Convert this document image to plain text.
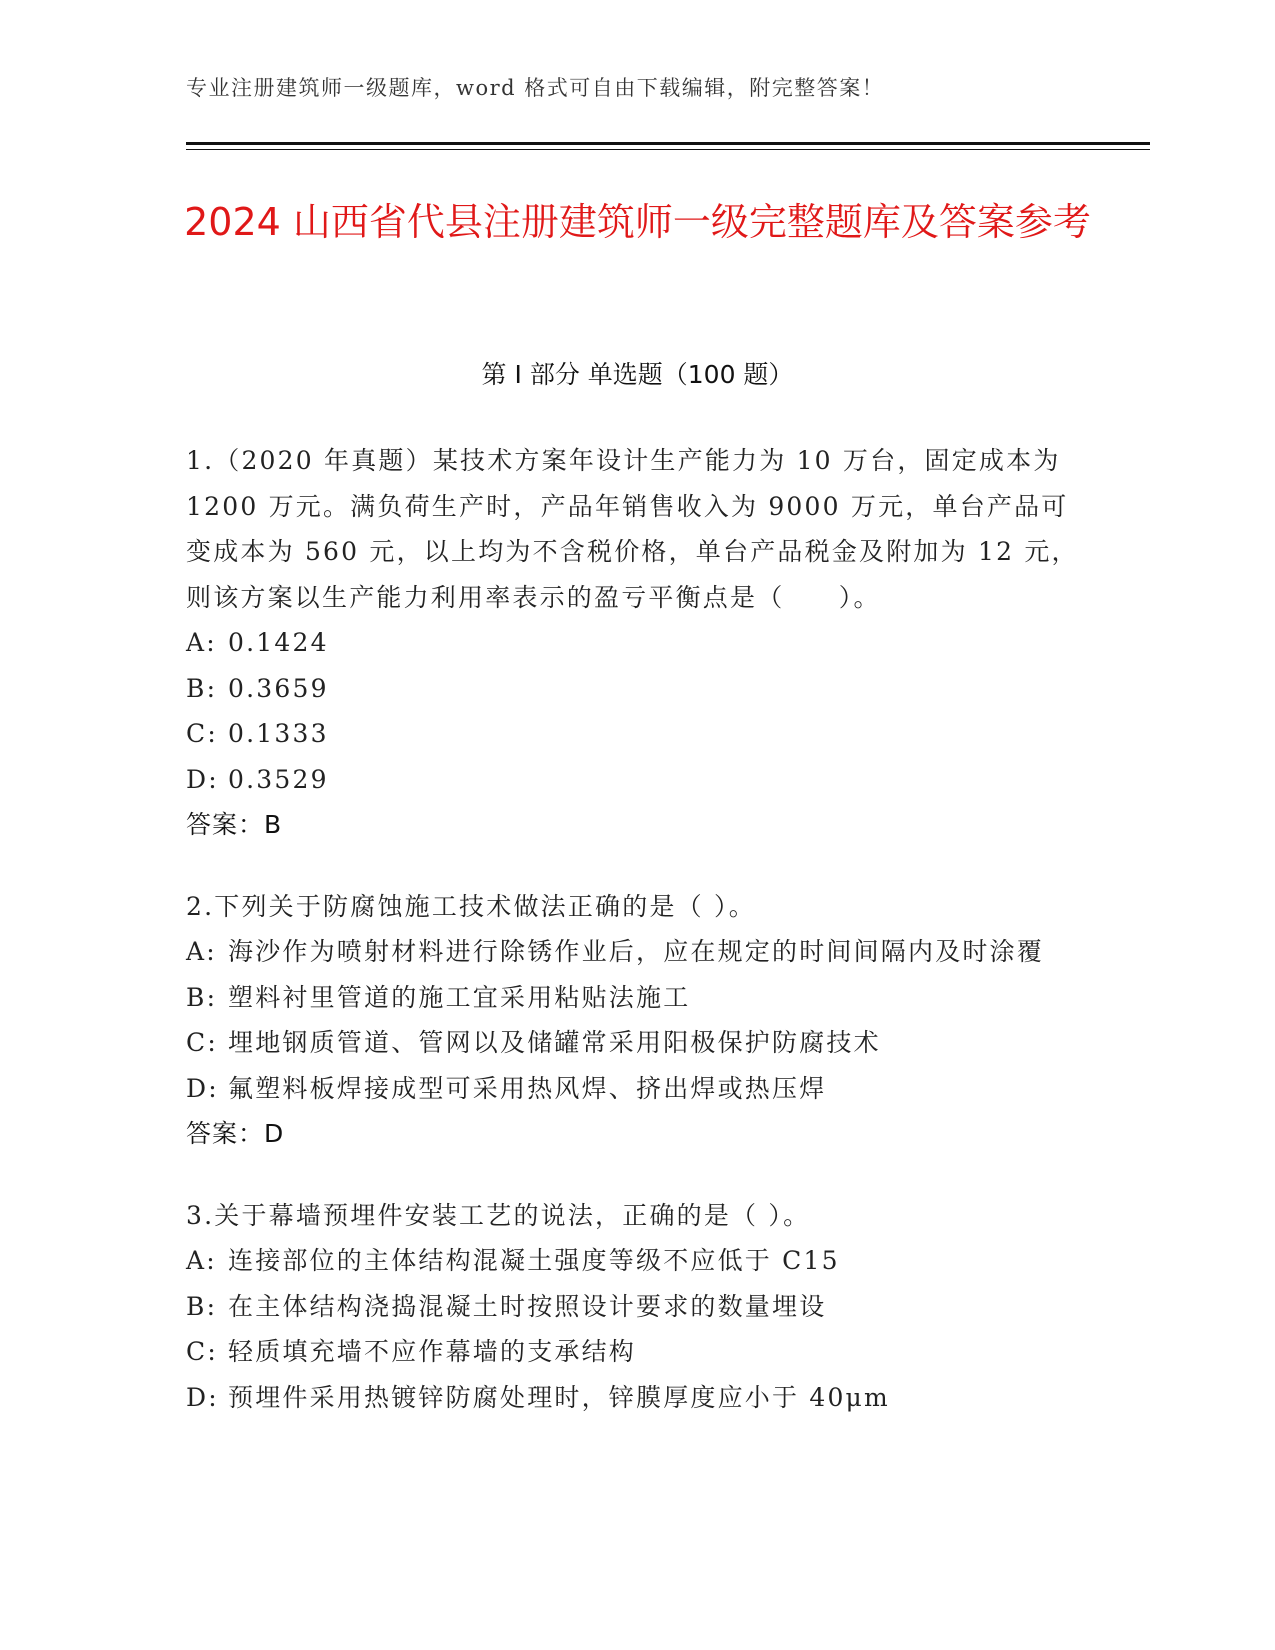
专业注册建筑师一级题库，word 格式可自由下载编辑，附完整答案！
2024 山西省代县注册建筑师一级完整题库及答案参考
第 I 部分 单选题（100 题）

1.（2020 年真题）某技术方案年设计生产能力为 10 万台，固定成本为 1200 万元。满负荷生产时，产品年销售收入为 9000 万元，单台产品可变成本为 560 元，以上均为不含税价格，单台产品税金及附加为 12 元，则该方案以生产能力利用率表示的盈亏平衡点是（　　）。

A: 0.1424

B: 0.3659

C: 0.1333

D: 0.3529

答案：B

2.下列关于防腐蚀施工技术做法正确的是（ ）。

A: 海沙作为喷射材料进行除锈作业后，应在规定的时间间隔内及时涂覆

B: 塑料衬里管道的施工宜采用粘贴法施工

C: 埋地钢质管道、管网以及储罐常采用阳极保护防腐技术

D: 氟塑料板焊接成型可采用热风焊、挤出焊或热压焊

答案：D

3.关于幕墙预埋件安装工艺的说法，正确的是（ ）。

A: 连接部位的主体结构混凝土强度等级不应低于 C15

B: 在主体结构浇捣混凝土时按照设计要求的数量埋设

C: 轻质填充墙不应作幕墙的支承结构

D: 预埋件采用热镀锌防腐处理时，锌膜厚度应小于 40μm
